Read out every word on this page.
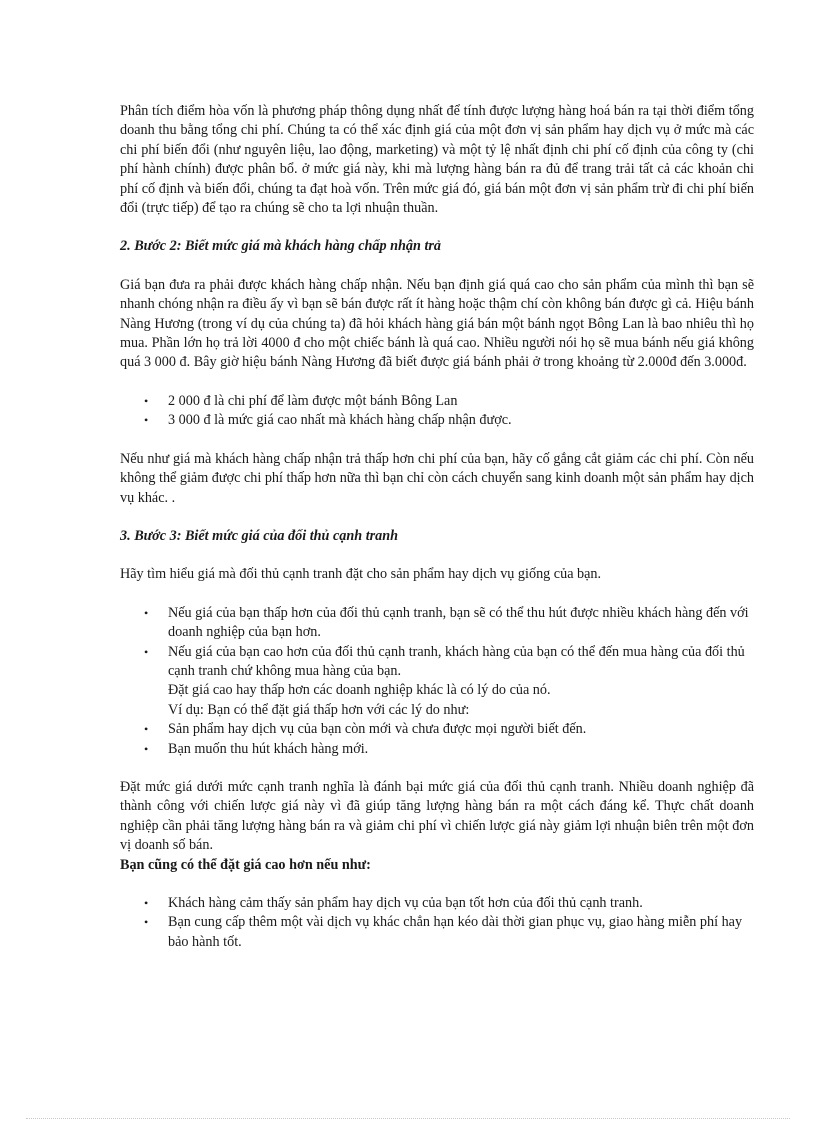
Phân tích điểm hòa vốn là phương pháp thông dụng nhất để tính được lượng hàng hoá bán ra tại thời điểm tổng doanh thu bằng tổng chi phí. Chúng ta có thể xác định giá của một đơn vị sản phẩm hay dịch vụ ở mức mà các chi phí biến đổi (như nguyên liệu, lao động, marketing) và một tỷ lệ nhất định chi phí cố định của công ty (chi phí hành chính) được phân bổ. ở mức giá này, khi mà lượng hàng bán ra đủ để trang trải tất cả các khoản chi phí cố định và biến đổi, chúng ta đạt hoà vốn. Trên mức giá đó, giá bán một đơn vị sản phẩm trừ đi chi phí biến đổi (trực tiếp) để tạo ra chúng sẽ cho ta lợi nhuận thuần.

2. Bước 2: Biết mức giá mà khách hàng chấp nhận trả

Giá bạn đưa ra phải được khách hàng chấp nhận. Nếu bạn định giá quá cao cho sản phẩm của mình thì bạn sẽ nhanh chóng nhận ra điều ấy vì bạn sẽ bán được rất ít hàng hoặc thậm chí còn không bán được gì cả. Hiệu bánh Nàng Hương (trong ví dụ của chúng ta) đã hỏi khách hàng giá bán một bánh ngọt Bông Lan là bao nhiêu thì họ mua. Phần lớn họ trả lời 4000 đ cho một chiếc bánh là quá cao. Nhiều người nói họ sẽ mua bánh nếu giá không quá 3 000 đ. Bây giờ hiệu bánh Nàng Hương đã biết được giá bánh phải ở trong khoảng từ 2.000đ đến 3.000đ.

• 2 000 đ là chi phí để làm được một bánh Bông Lan
• 3 000 đ là mức giá cao nhất mà khách hàng chấp nhận được.

Nếu như giá mà khách hàng chấp nhận trả thấp hơn chi phí của bạn, hãy cố gắng cắt giảm các chi phí. Còn nếu không thể giảm được chi phí thấp hơn nữa thì bạn chỉ còn cách chuyển sang kinh doanh một sản phẩm hay dịch vụ khác. .

3. Bước 3: Biết mức giá của đối thủ cạnh tranh

Hãy tìm hiểu giá mà đối thủ cạnh tranh đặt cho sản phẩm hay dịch vụ giống của bạn.

• Nếu giá của bạn thấp hơn của đối thủ cạnh tranh, bạn sẽ có thể thu hút được nhiều khách hàng đến với doanh nghiệp của bạn hơn.
• Nếu giá của bạn cao hơn của đối thủ cạnh tranh, khách hàng của bạn có thể đến mua hàng của đối thủ cạnh tranh chứ không mua hàng của bạn.
Đặt giá cao hay thấp hơn các doanh nghiệp khác là có lý do của nó.
Ví dụ: Bạn có thể đặt giá thấp hơn với các lý do như:
• Sản phẩm hay dịch vụ của bạn còn mới và chưa được mọi người biết đến.
• Bạn muốn thu hút khách hàng mới.

Đặt mức giá dưới mức cạnh tranh nghĩa là đánh bại mức giá của đối thủ cạnh tranh. Nhiều doanh nghiệp đã thành công với chiến lược giá này vì đã giúp tăng lượng hàng bán ra một cách đáng kể. Thực chất doanh nghiệp cần phải tăng lượng hàng bán ra và giảm chi phí vì chiến lược giá này giảm lợi nhuận biên trên một đơn vị doanh số bán.

Bạn cũng có thể đặt giá cao hơn nếu như:
• Khách hàng cảm thấy sản phẩm hay dịch vụ của bạn tốt hơn của đối thủ cạnh tranh.
• Bạn cung cấp thêm một vài dịch vụ khác chẳn hạn kéo dài thời gian phục vụ, giao hàng miễn phí hay bảo hành tốt.
